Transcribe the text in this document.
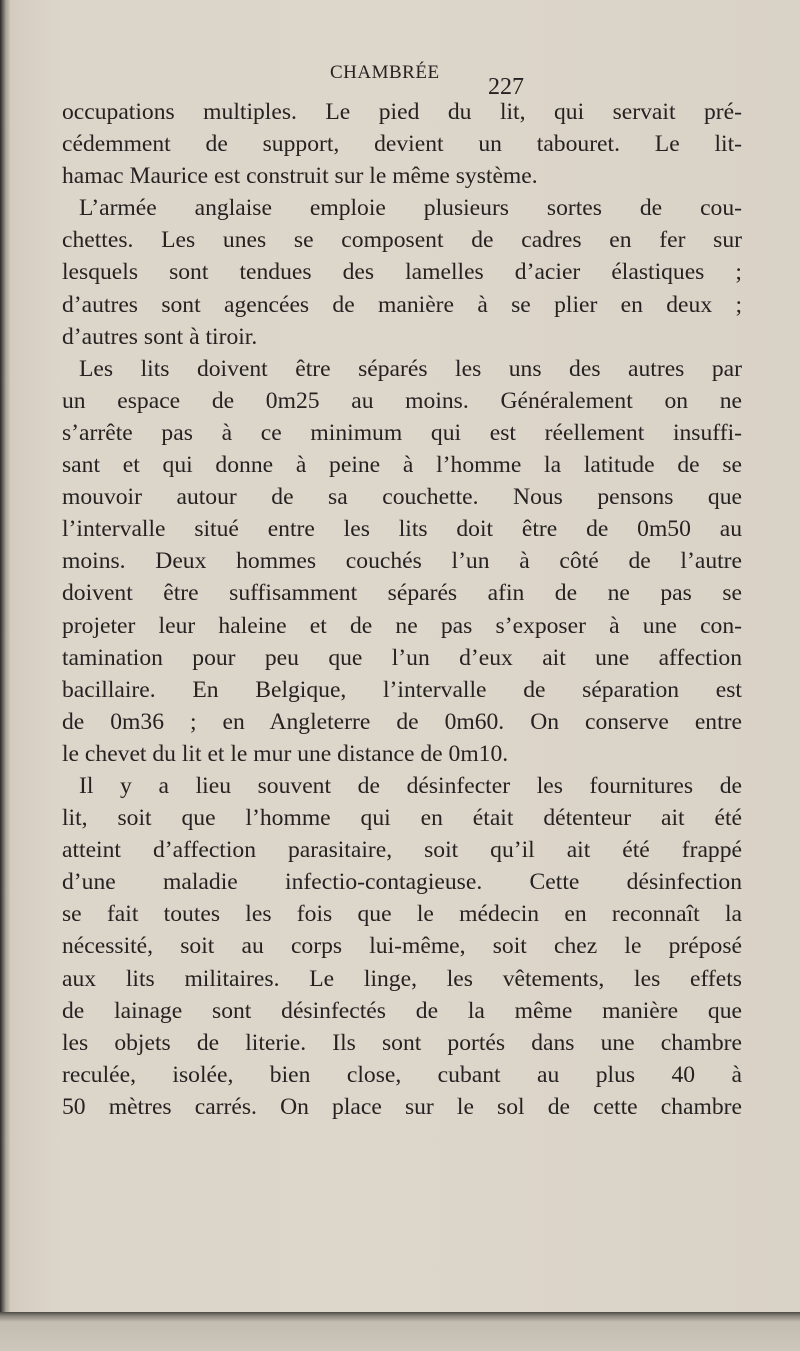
CHAMBRÉE
227
occupations multiples. Le pied du lit, qui servait pré-
cédemment de support, devient un tabouret. Le lit-
hamac Maurice est construit sur le même système.
L’armée anglaise emploie plusieurs sortes de cou-
chettes. Les unes se composent de cadres en fer sur
lesquels sont tendues des lamelles d’acier élastiques ;
d’autres sont agencées de manière à se plier en deux ;
d’autres sont à tiroir.
Les lits doivent être séparés les uns des autres par
un espace de 0m25 au moins. Généralement on ne
s’arrête pas à ce minimum qui est réellement insuffi-
sant et qui donne à peine à l’homme la latitude de se
mouvoir autour de sa couchette. Nous pensons que
l’intervalle situé entre les lits doit être de 0m50 au
moins. Deux hommes couchés l’un à côté de l’autre
doivent être suffisamment séparés afin de ne pas se
projeter leur haleine et de ne pas s’exposer à une con-
tamination pour peu que l’un d’eux ait une affection
bacillaire. En Belgique, l’intervalle de séparation est
de 0m36 ; en Angleterre de 0m60. On conserve entre
le chevet du lit et le mur une distance de 0m10.
Il y a lieu souvent de désinfecter les fournitures de
lit, soit que l’homme qui en était détenteur ait été
atteint d’affection parasitaire, soit qu’il ait été frappé
d’une maladie infectio-contagieuse. Cette désinfection
se fait toutes les fois que le médecin en reconnaît la
nécessité, soit au corps lui-même, soit chez le préposé
aux lits militaires. Le linge, les vêtements, les effets
de lainage sont désinfectés de la même manière que
les objets de literie. Ils sont portés dans une chambre
reculée, isolée, bien close, cubant au plus 40 à
50 mètres carrés. On place sur le sol de cette chambre
